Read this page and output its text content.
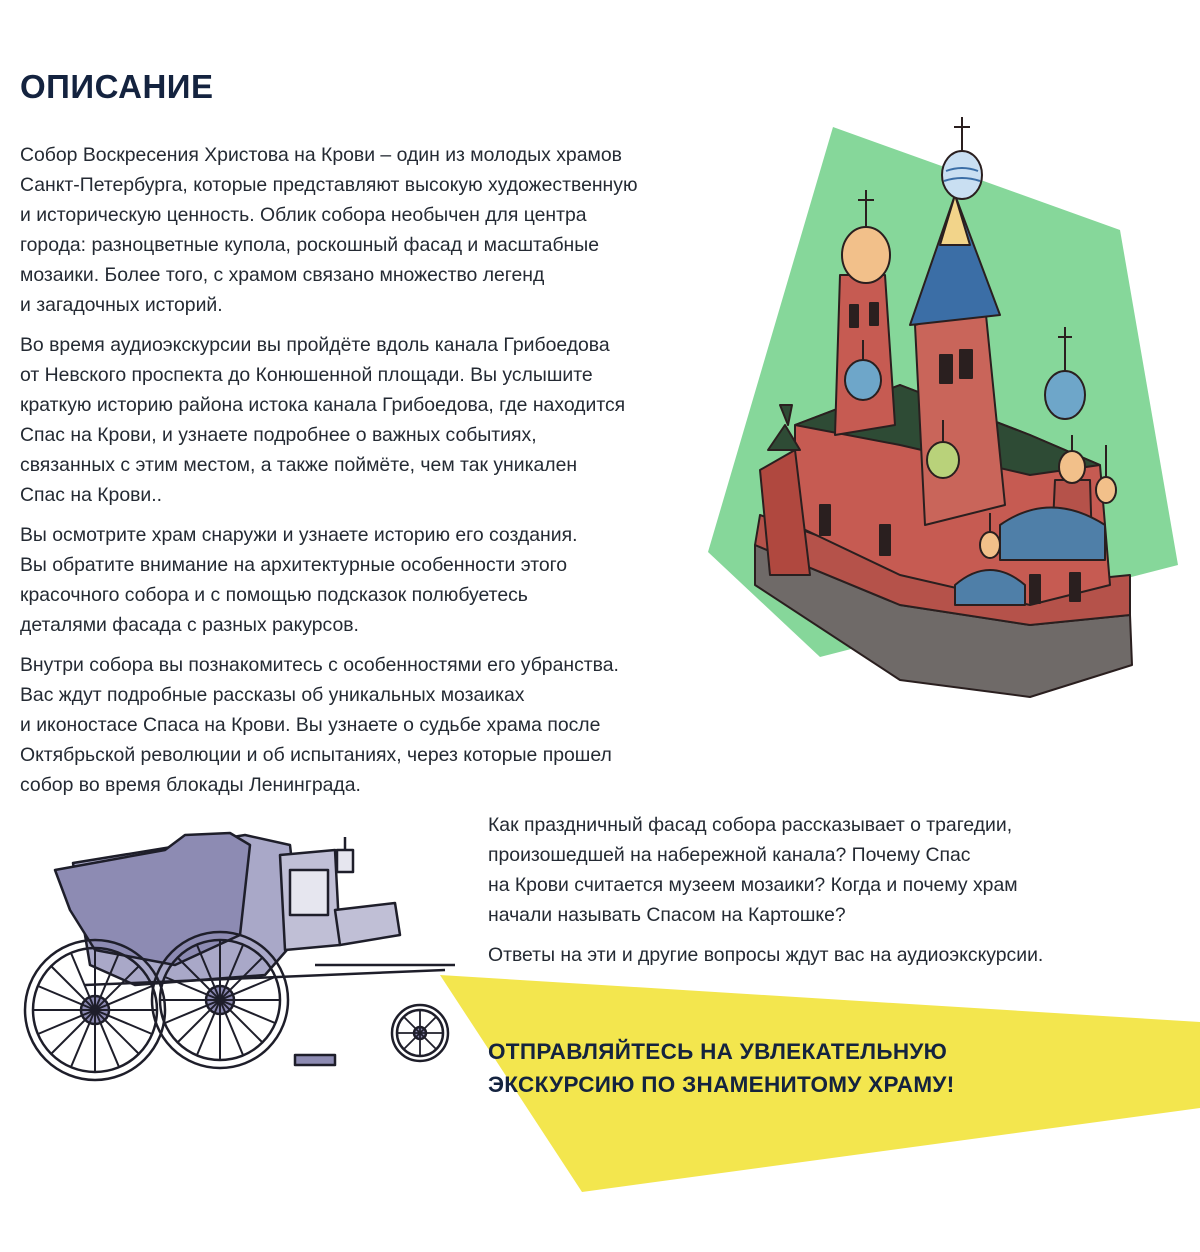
ОПИСАНИЕ

Собор Воскресения Христова на Крови – один из молодых храмов
Санкт-Петербурга, которые представляют высокую художественную
и историческую ценность. Облик собора необычен для центра
города: разноцветные купола, роскошный фасад и масштабные
мозаики. Более того, с храмом связано множество легенд
и загадочных историй.

Во время аудиоэкскурсии вы пройдёте вдоль канала Грибоедова
от Невского проспекта до Конюшенной площади. Вы услышите
краткую историю района истока канала Грибоедова, где находится
Спас на Крови, и узнаете подробнее о важных событиях,
связанных с этим местом, а также поймёте, чем так уникален
Спас на Крови..

Вы осмотрите храм снаружи и узнаете историю его создания.
Вы обратите внимание на архитектурные особенности этого
красочного собора и с помощью подсказок полюбуетесь
деталями фасада с разных ракурсов.

Внутри собора вы познакомитесь с особенностями его убранства.
Вас ждут подробные рассказы об уникальных мозаиках
и иконостасе Спаса на Крови. Вы узнаете о судьбе храма после
Октябрьской революции и об испытаниях, через которые прошел
собор во время блокады Ленинграда.

Как праздничный фасад собора рассказывает о трагедии,
произошедшей на набережной канала? Почему Спас
на Крови считается музеем мозаики? Когда и почему храм
начали называть Спасом на Картошке?

Ответы на эти и другие вопросы ждут вас на аудиоэкскурсии.

ОТПРАВЛЯЙТЕСЬ НА УВЛЕКАТЕЛЬНУЮ
ЭКСКУРСИЮ ПО ЗНАМЕНИТОМУ ХРАМУ!
